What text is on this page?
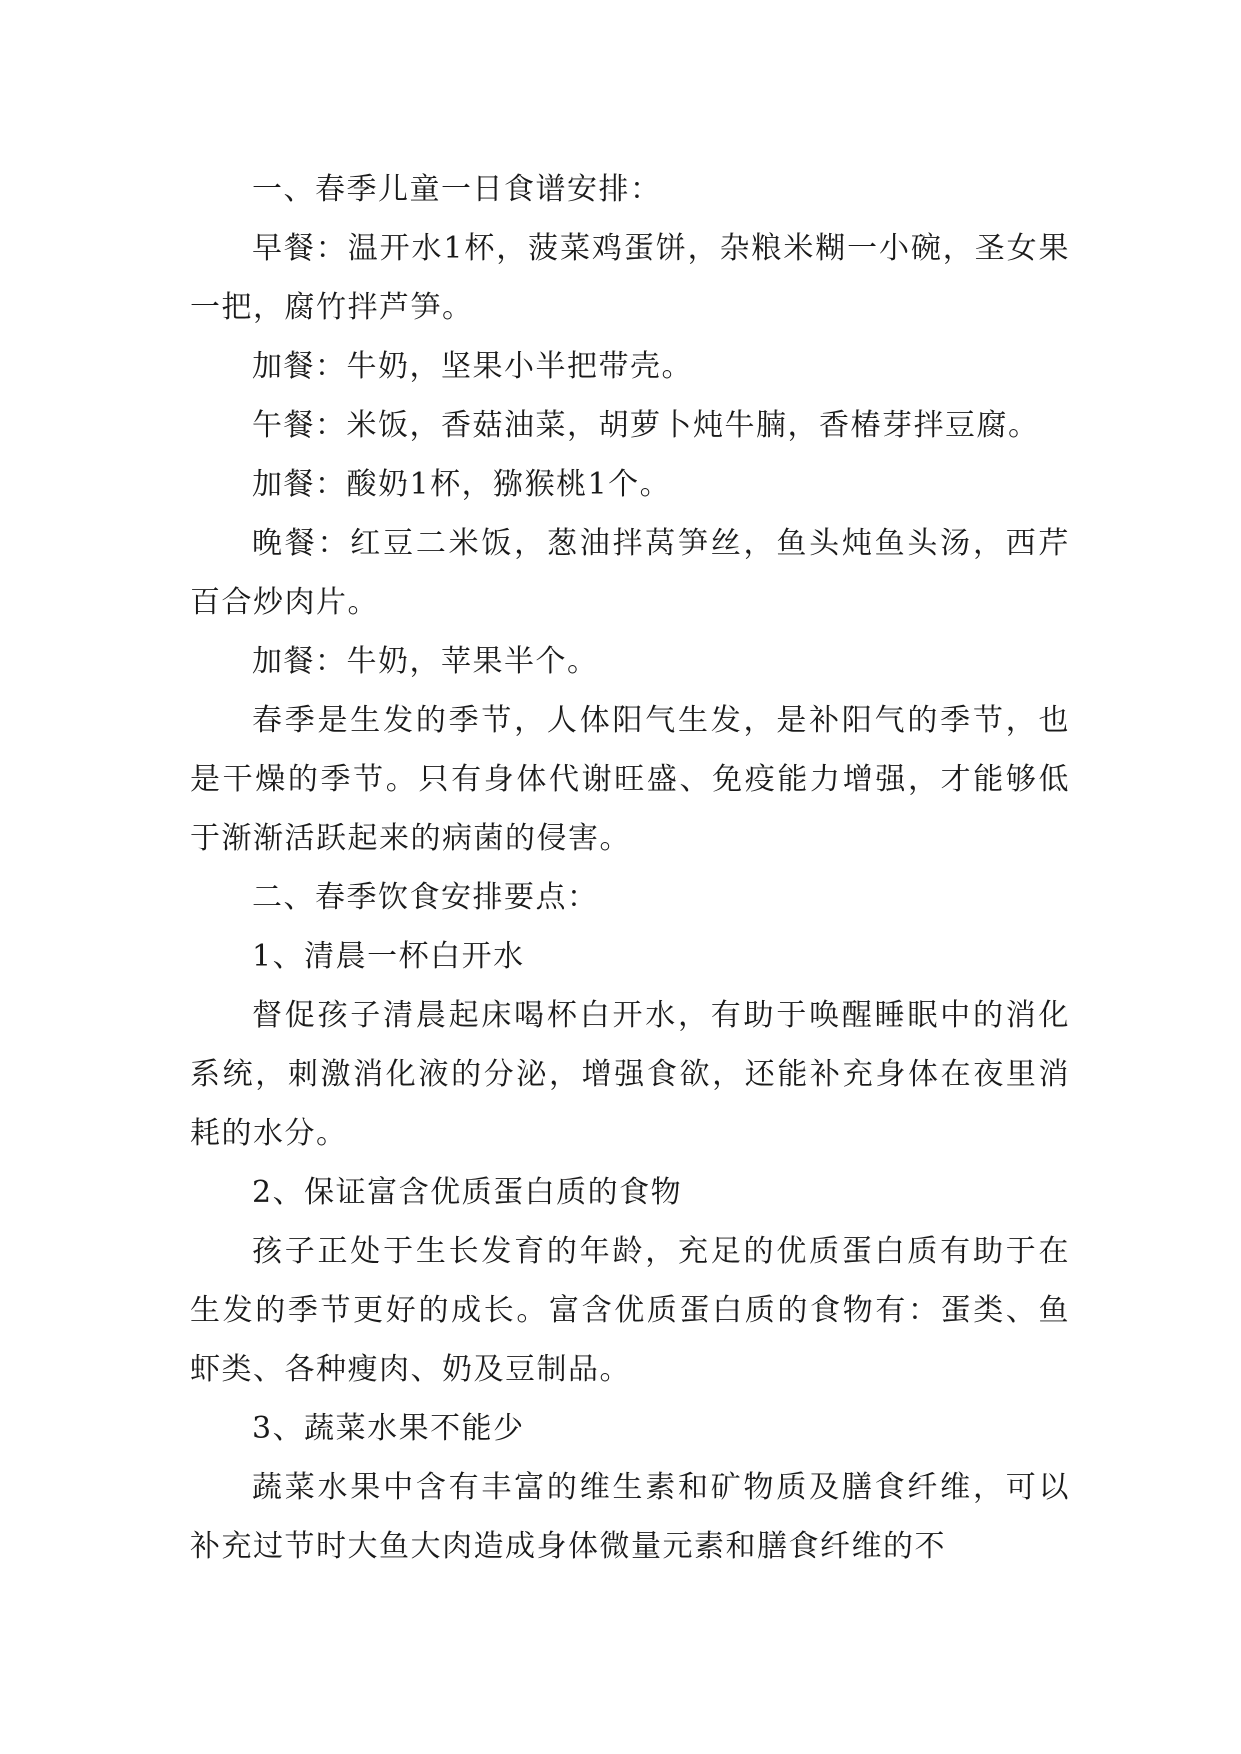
一、春季儿童一日食谱安排：

早餐：温开水1杯，菠菜鸡蛋饼，杂粮米糊一小碗，圣女果一把，腐竹拌芦笋。

加餐：牛奶，坚果小半把带壳。

午餐：米饭，香菇油菜，胡萝卜炖牛腩，香椿芽拌豆腐。

加餐：酸奶1杯，猕猴桃1个。

晚餐：红豆二米饭，葱油拌莴笋丝，鱼头炖鱼头汤，西芹百合炒肉片。

加餐：牛奶，苹果半个。

春季是生发的季节，人体阳气生发，是补阳气的季节，也是干燥的季节。只有身体代谢旺盛、免疫能力增强，才能够低于渐渐活跃起来的病菌的侵害。

二、春季饮食安排要点：

1、清晨一杯白开水

督促孩子清晨起床喝杯白开水，有助于唤醒睡眠中的消化系统，刺激消化液的分泌，增强食欲，还能补充身体在夜里消耗的水分。

2、保证富含优质蛋白质的食物

孩子正处于生长发育的年龄，充足的优质蛋白质有助于在生发的季节更好的成长。富含优质蛋白质的食物有：蛋类、鱼虾类、各种瘦肉、奶及豆制品。

3、蔬菜水果不能少

蔬菜水果中含有丰富的维生素和矿物质及膳食纤维，可以补充过节时大鱼大肉造成身体微量元素和膳食纤维的不
